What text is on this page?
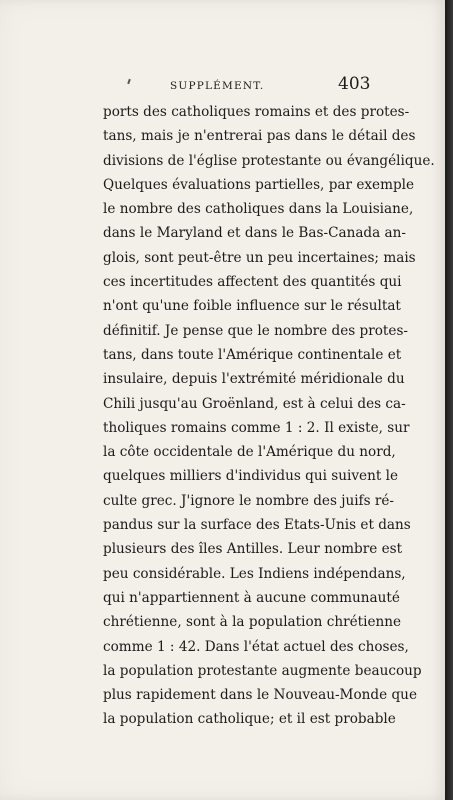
SUPPLÉMENT.	403
ports des catholiques romains et des protes-
tans, mais je n'entrerai pas dans le détail des
divisions de l'église protestante ou évangélique.
Quelques évaluations partielles, par exemple
le nombre des catholiques dans la Louisiane,
dans le Maryland et dans le Bas-Canada an-
glois, sont peut-être un peu incertaines; mais
ces incertitudes affectent des quantités qui
n'ont qu'une foible influence sur le résultat
définitif. Je pense que le nombre des protes-
tans, dans toute l'Amérique continentale et
insulaire, depuis l'extrémité méridionale du
Chili jusqu'au Groënland, est à celui des ca-
tholiques romains comme 1 : 2. Il existe, sur
la côte occidentale de l'Amérique du nord,
quelques milliers d'individus qui suivent le
culte grec. J'ignore le nombre des juifs ré-
pandus sur la surface des Etats-Unis et dans
plusieurs des îles Antilles. Leur nombre est
peu considérable. Les Indiens indépendans,
qui n'appartiennent à aucune communauté
chrétienne, sont à la population chrétienne
comme 1 : 42. Dans l'état actuel des choses,
la population protestante augmente beaucoup
plus rapidement dans le Nouveau-Monde que
la population catholique; et il est probable
